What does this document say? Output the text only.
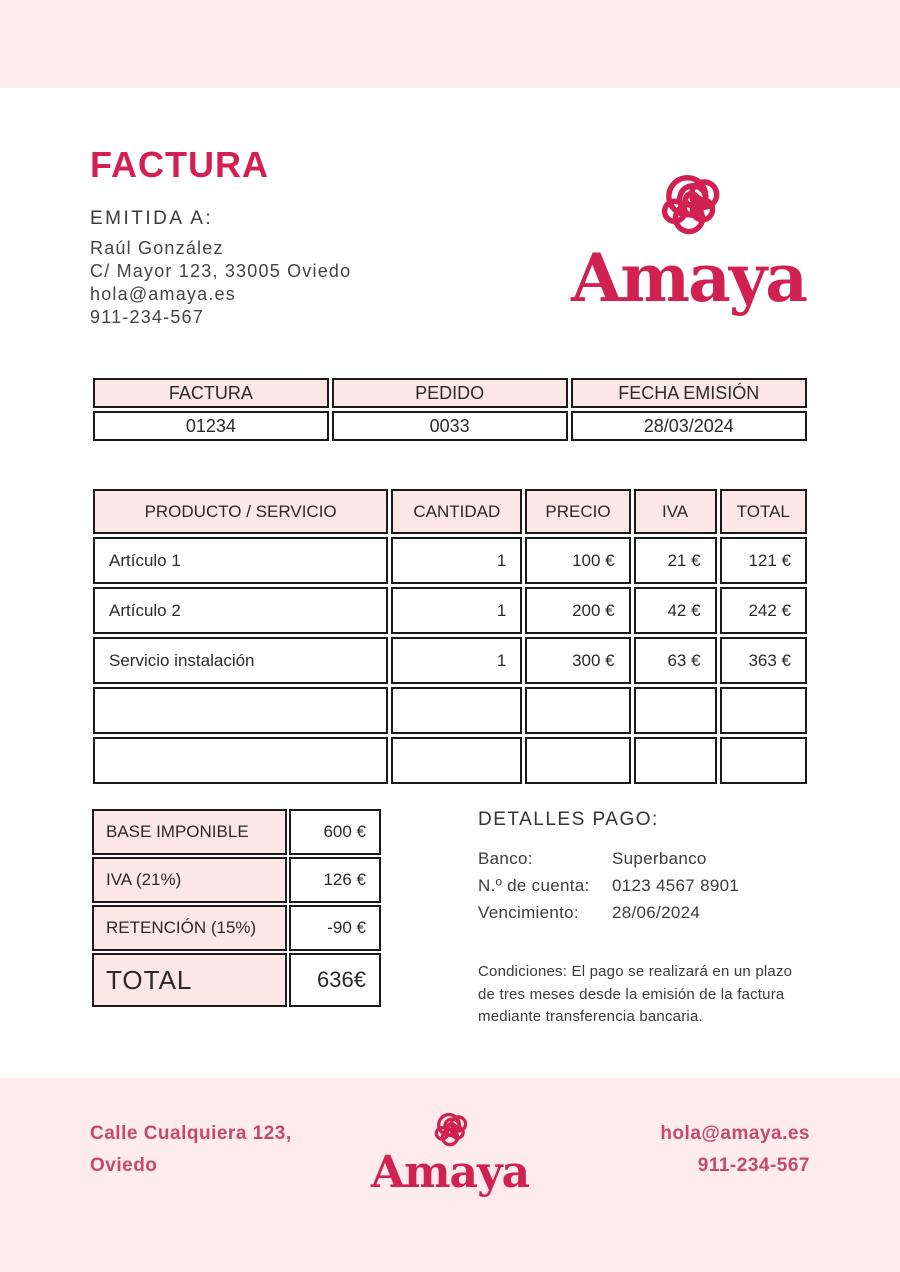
FACTURA
EMITIDA A:
Raúl González
C/ Mayor 123, 33005 Oviedo
hola@amaya.es
911-234-567	Amaya
FACTURA	PEDIDO	FECHA EMISIÓN
01234	0033	28/03/2024
PRODUCTO / SERVICIO	CANTIDAD	PRECIO	IVA	TOTAL
Artículo 1	1	100 €	21 €	121 €
Artículo 2	1	200 €	42 €	242 €
Servicio instalación	1	300 €	63 €	363 €

BASE IMPONIBLE	600 €
IVA (21%)	126 €
RETENCIÓN (15%)	-90 €
TOTAL	636€
DETALLES PAGO:
Banco:	Superbanco
N.º de cuenta:	0123 4567 8901
Vencimiento:	28/06/2024

Condiciones: El pago se realizará en un plazo de tres meses desde la emisión de la factura mediante transferencia bancaria.

Calle Cualquiera 123,
Oviedo	Amaya
hola@amaya.es
911-234-567
